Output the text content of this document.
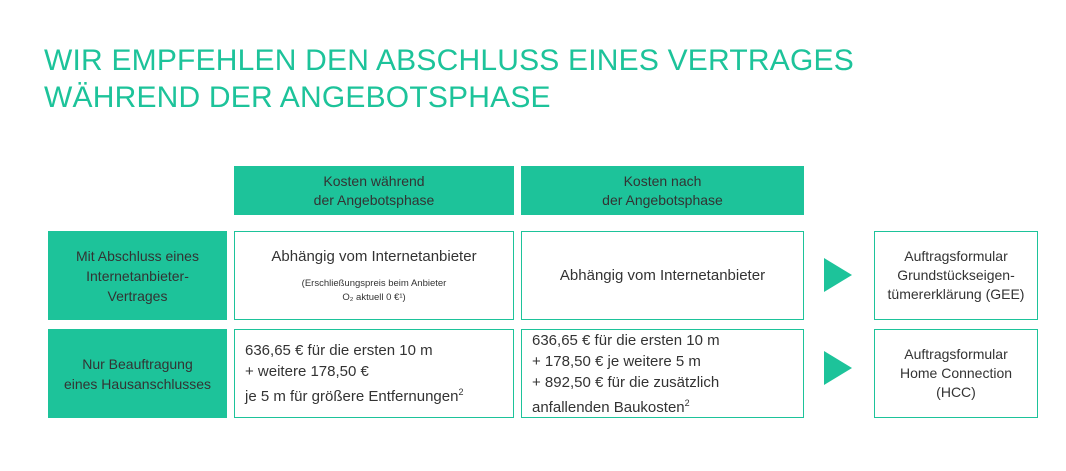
WIR EMPFEHLEN DEN ABSCHLUSS EINES VERTRAGES
WÄHREND DER ANGEBOTSPHASE
Kosten während
der Angebotsphase
Kosten nach
der Angebotsphase
Mit Abschluss eines
Internetanbieter-
Vertrages
Abhängig vom Internetanbieter
(Erschließungspreis beim Anbieter
O₂ aktuell 0 €¹)
Abhängig vom Internetanbieter
Auftragsformular
Grundstückseigen-
tümererklärung (GEE)
Nur Beauftragung
eines Hausanschlusses
636,65 € für die ersten 10 m
+ weitere 178,50 €
je 5 m für größere Entfernungen$^2$
636,65 € für die ersten 10 m
+ 178,50 € je weitere 5 m
+ 892,50 € für die zusätzlich
anfallenden Baukosten$^2$
Auftragsformular
Home Connection
(HCC)
